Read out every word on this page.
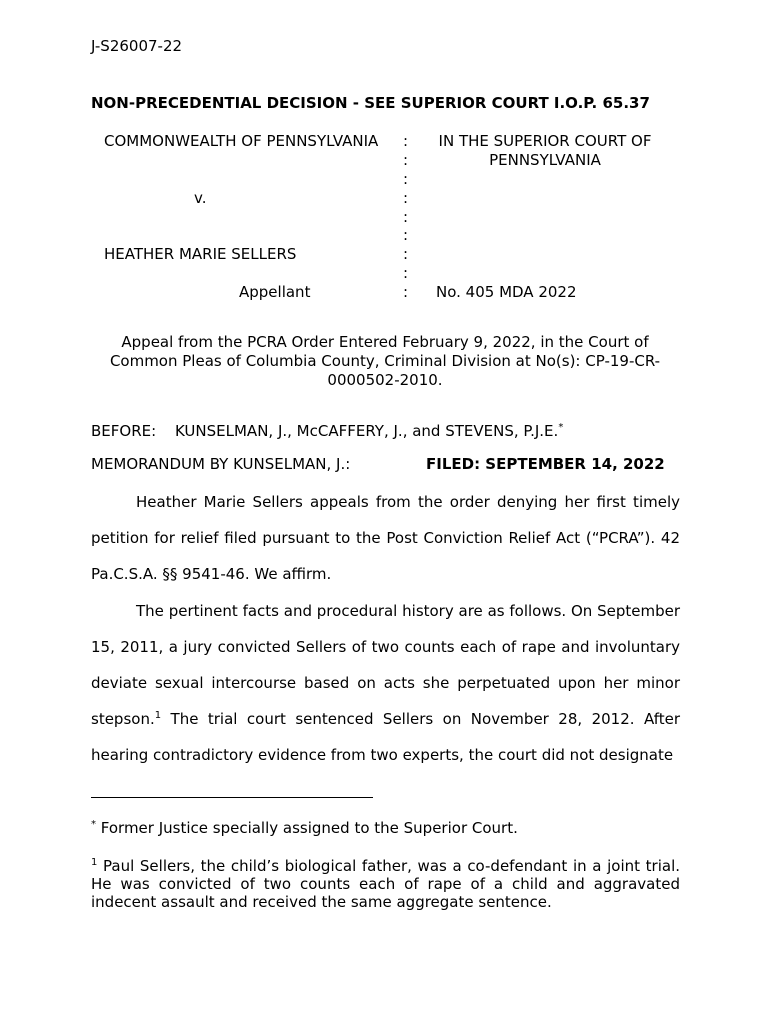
J-S26007-22
NON-PRECEDENTIAL DECISION - SEE SUPERIOR COURT I.O.P. 65.37
COMMONWEALTH OF PENNSYLVANIA
v.
HEATHER MARIE SELLERS
Appellant
:
:
:
:
:
:
:
:
:
IN THE SUPERIOR COURT OF PENNSYLVANIA
No. 405 MDA 2022
Appeal from the PCRA Order Entered February 9, 2022, in the Court of Common Pleas of Columbia County, Criminal Division at No(s): CP-19-CR-0000502-2010.
BEFORE: KUNSELMAN, J., McCAFFERY, J., and STEVENS, P.J.E.*
MEMORANDUM BY KUNSELMAN, J.:	FILED: SEPTEMBER 14, 2022

Heather Marie Sellers appeals from the order denying her first timely petition for relief filed pursuant to the Post Conviction Relief Act (“PCRA”). 42 Pa.C.S.A. §§ 9541-46. We affirm.

The pertinent facts and procedural history are as follows. On September 15, 2011, a jury convicted Sellers of two counts each of rape and involuntary deviate sexual intercourse based on acts she perpetuated upon her minor stepson.$^1$ The trial court sentenced Sellers on November 28, 2012. After hearing contradictory evidence from two experts, the court did not designate

* Former Justice specially assigned to the Superior Court.
$^1$ Paul Sellers, the child’s biological father, was a co-defendant in a joint trial. He was convicted of two counts each of rape of a child and aggravated indecent assault and received the same aggregate sentence.
